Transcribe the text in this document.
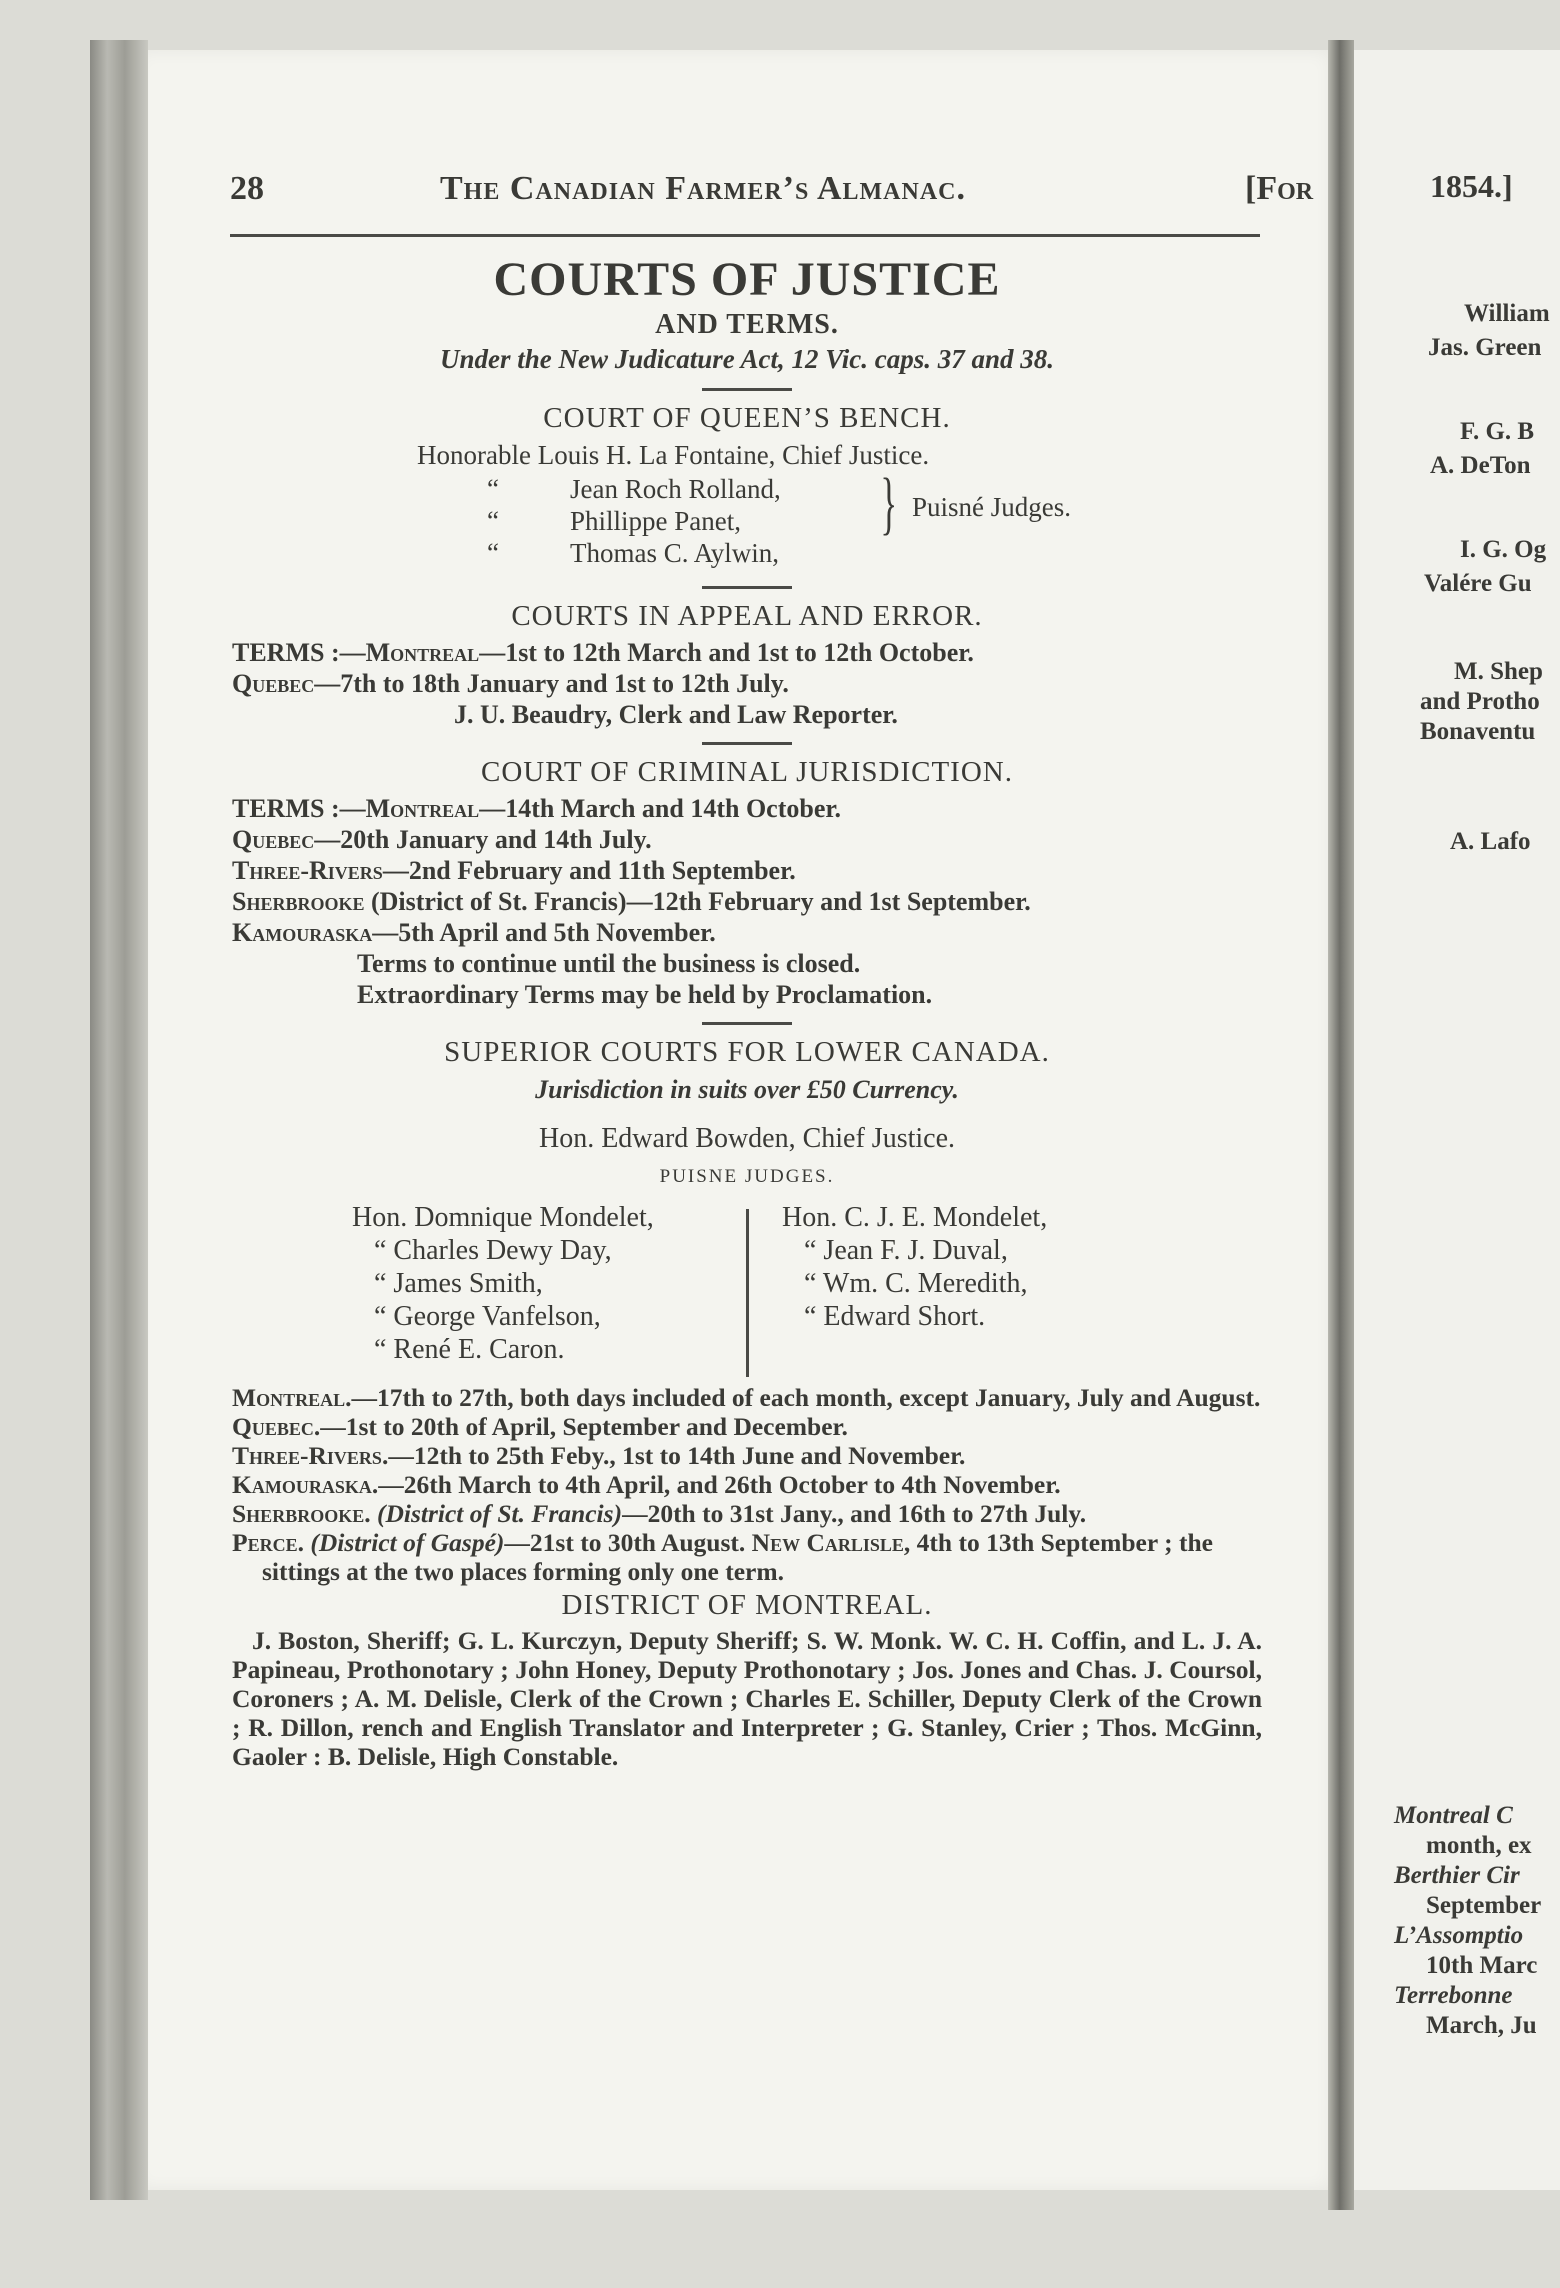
28	The Canadian Farmer’s Almanac.	[For
COURTS OF JUSTICE
AND TERMS.
Under the New Judicature Act, 12 Vic. caps. 37 and 38.
COURT OF QUEEN’S BENCH.
Honorable Louis H. La Fontaine, Chief Justice.
“	Jean Roch Rolland,
“	Phillippe Panet,
“	Thomas C. Aylwin,
} Puisné Judges.
COURTS IN APPEAL AND ERROR.
TERMS :—Montreal—1st to 12th March and 1st to 12th October.
Quebec—7th to 18th January and 1st to 12th July.
J. U. Beaudry, Clerk and Law Reporter.
COURT OF CRIMINAL JURISDICTION.
TERMS :—Montreal—14th March and 14th October.
Quebec—20th January and 14th July.
Three-Rivers—2nd February and 11th September.
Sherbrooke (District of St. Francis)—12th February and 1st September.
Kamouraska—5th April and 5th November.
Terms to continue until the business is closed.
Extraordinary Terms may be held by Proclamation.
SUPERIOR COURTS FOR LOWER CANADA.
Jurisdiction in suits over £50 Currency.
Hon. Edward Bowden, Chief Justice.
PUISNE JUDGES.
Hon. Domnique Mondelet,
“ Charles Dewy Day,
“ James Smith,
“ George Vanfelson,
“ René E. Caron.
Hon. C. J. E. Mondelet,
“ Jean F. J. Duval,
“ Wm. C. Meredith,
“ Edward Short.
Montreal.—17th to 27th, both days included of each month, except January, July and August.
Quebec.—1st to 20th of April, September and December.
Three-Rivers.—12th to 25th Feby., 1st to 14th June and November.
Kamouraska.—26th March to 4th April, and 26th October to 4th November.
Sherbrooke. (District of St. Francis)—20th to 31st Jany., and 16th to 27th July.
Perce. (District of Gaspé)—21st to 30th August. New Carlisle, 4th to 13th September ; the sittings at the two places forming only one term.
DISTRICT OF MONTREAL.
J. Boston, Sheriff; G. L. Kurczyn, Deputy Sheriff; S. W. Monk. W. C. H. Coffin, and L. J. A. Papineau, Prothonotary ; John Honey, Deputy Prothonotary ; Jos. Jones and Chas. J. Coursol, Coroners ; A. M. Delisle, Clerk of the Crown ; Charles E. Schiller, Deputy Clerk of the Crown ; R. Dillon, rench and English Translator and Interpreter ; G. Stanley, Crier ; Thos. McGinn, Gaoler : B. Delisle, High Constable.
1854.]
William
Jas. Green
F. G. B
A. DeTon
I. G. Og
Valére Gu
M. Shep
and Protho
Bonaventu
A. Lafo
Montreal C
month, ex
Berthier Cir
September
L’Assomptio
10th Marc
Terrebonne
March, Ju
